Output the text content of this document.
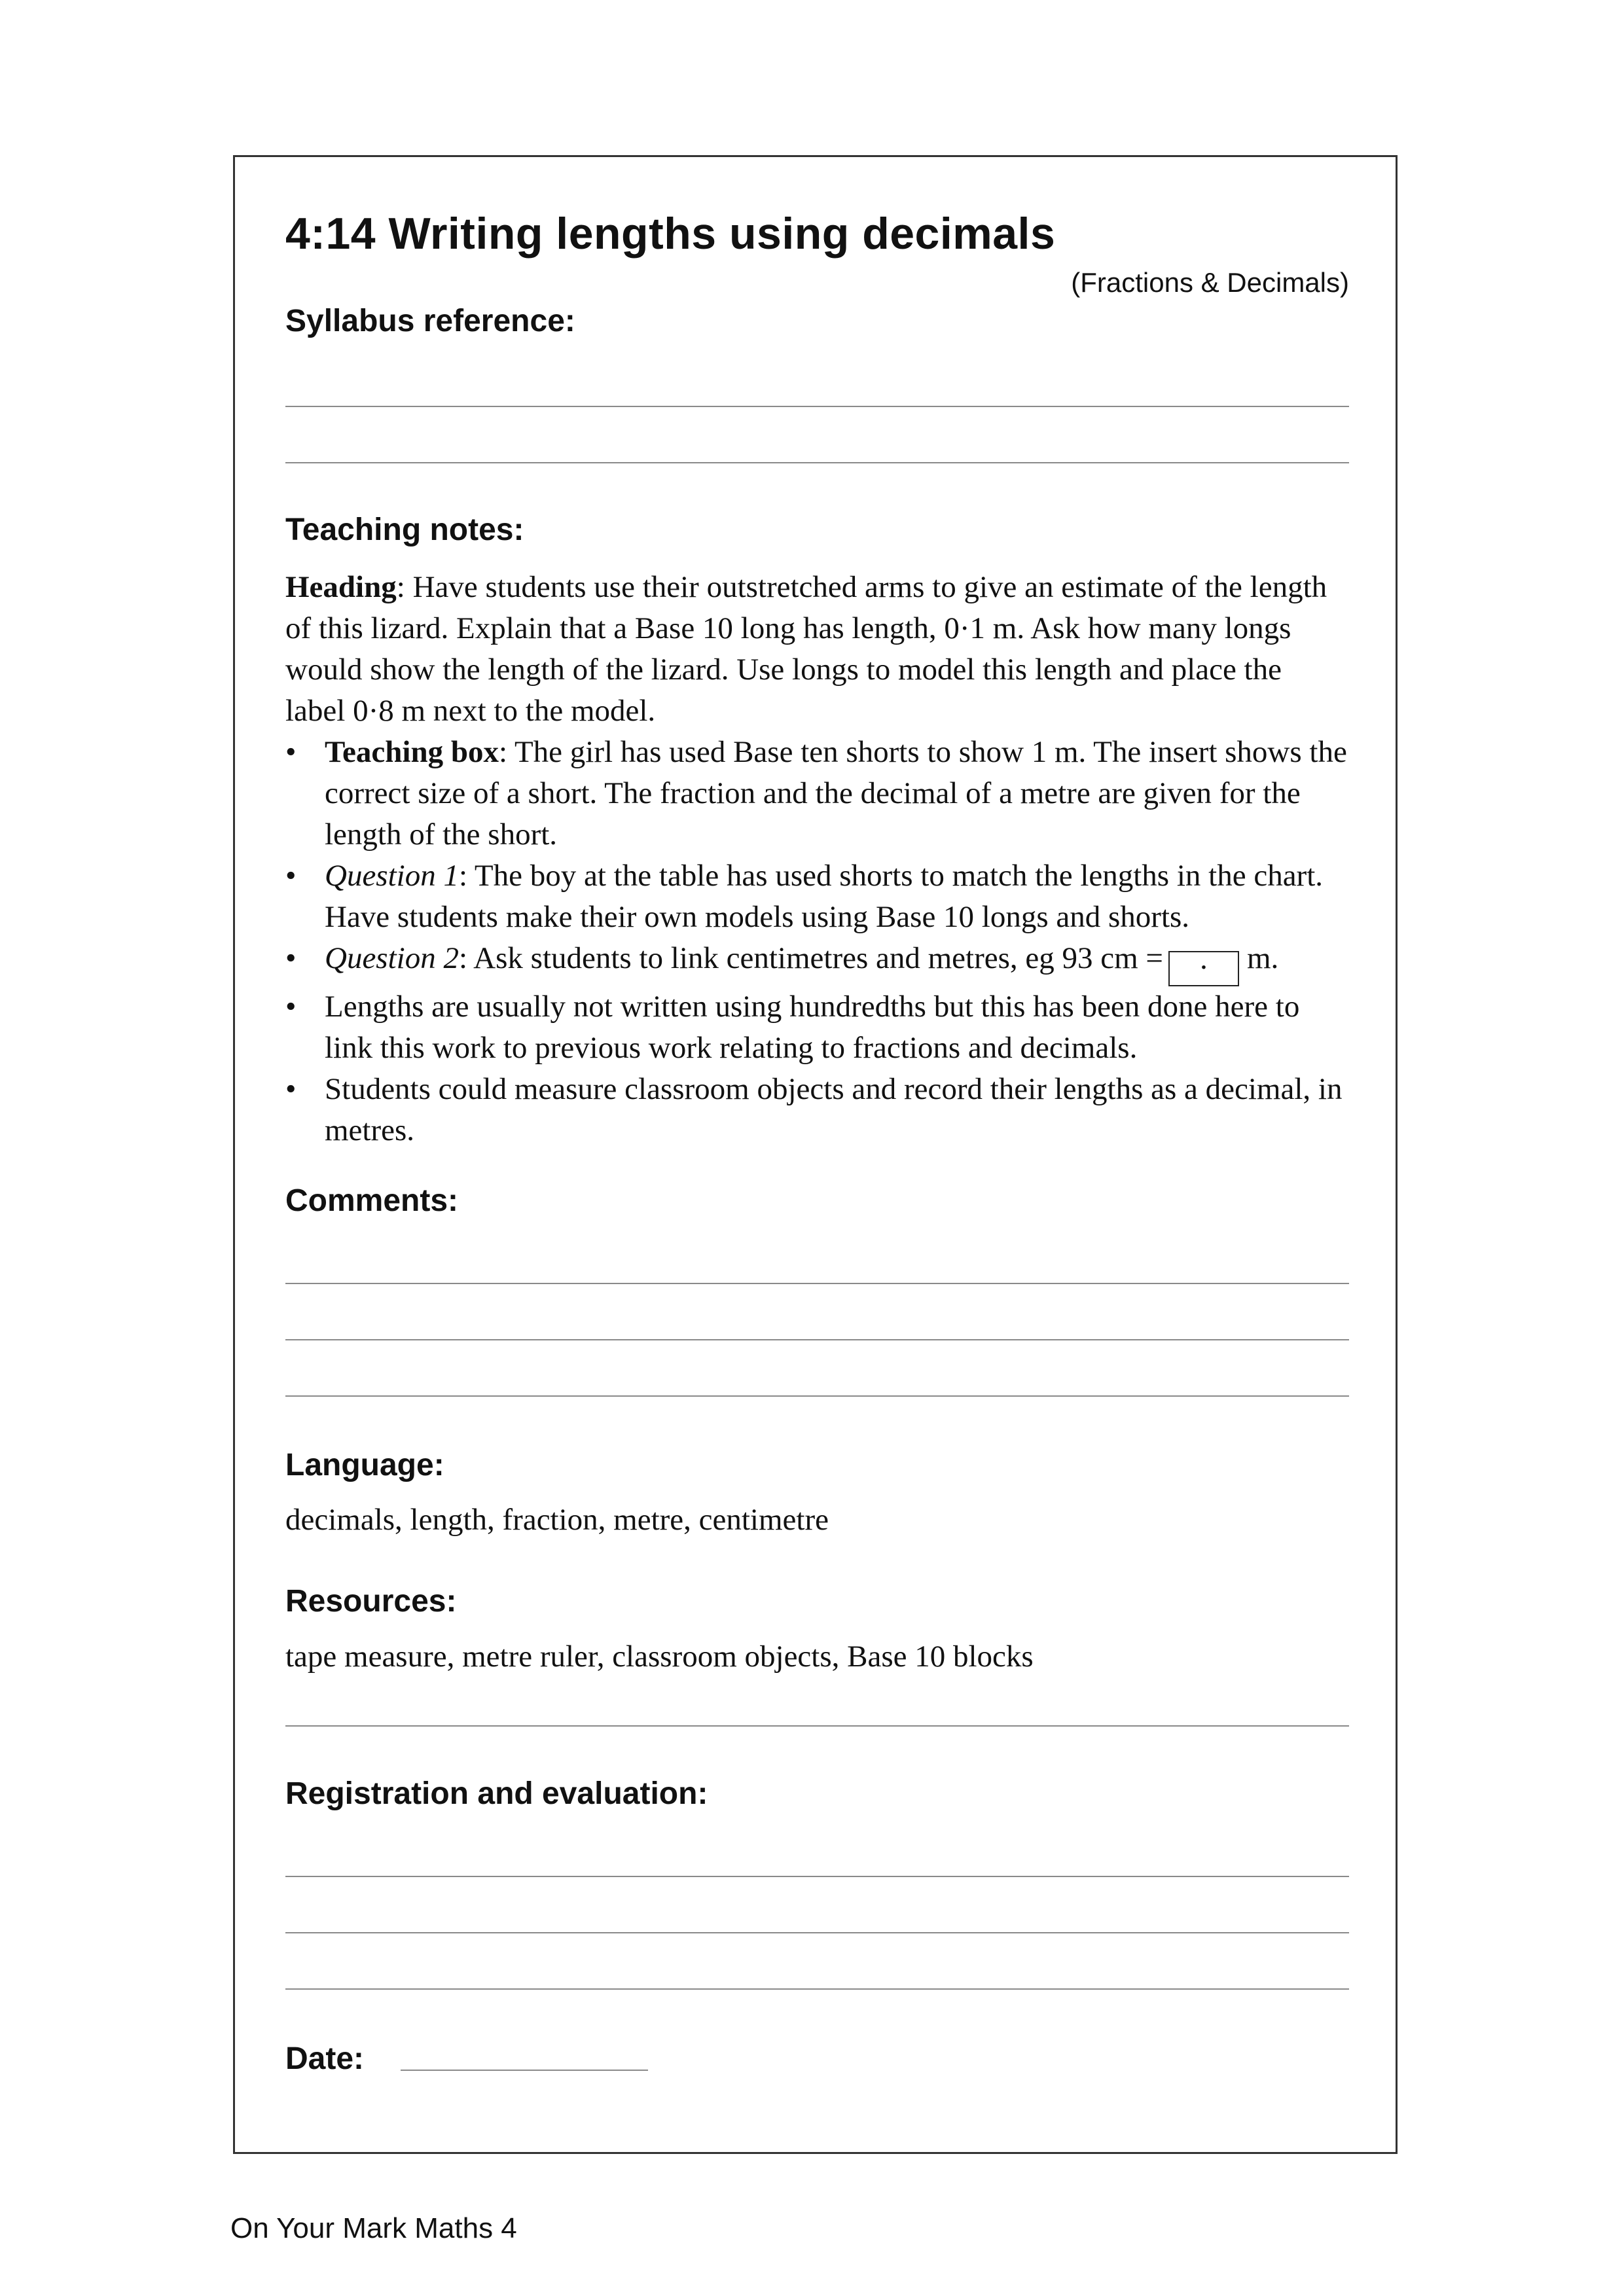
4:14 Writing lengths using decimals
(Fractions & Decimals)
Syllabus reference:
Teaching notes:

Heading: Have students use their outstretched arms to give an estimate of the length of this lizard. Explain that a Base 10 long has length, 0·1 m. Ask how many longs would show the length of the lizard. Use longs to model this length and place the label 0·8 m next to the model.

• Teaching box: The girl has used Base ten shorts to show 1 m. The insert shows the correct size of a short. The fraction and the decimal of a metre are given for the length of the short.
• Question 1: The boy at the table has used shorts to match the lengths in the chart. Have students make their own models using Base 10 longs and shorts.
• Question 2: Ask students to link centimetres and metres, eg 93 cm = · m.
• Lengths are usually not written using hundredths but this has been done here to link this work to previous work relating to fractions and decimals.
• Students could measure classroom objects and record their lengths as a decimal, in metres.
Comments:
Language:
decimals, length, fraction, metre, centimetre
Resources:
tape measure, metre ruler, classroom objects, Base 10 blocks
Registration and evaluation:
Date:
On Your Mark Maths 4
